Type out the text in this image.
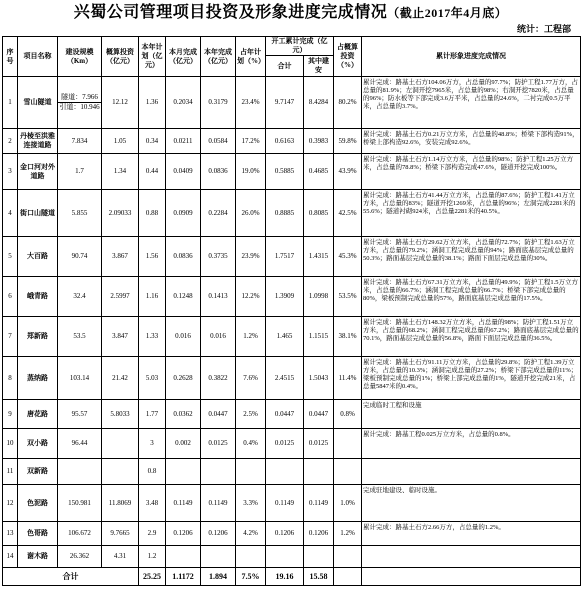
兴蜀公司管理项目投资及形象进度完成情况（截止2017年4月底）
统计：工程部
序号	项目名称	建设规模（Km）	概算投资（亿元）	本年计划（亿元）	本月完成（亿元）	本年完成（亿元）	占年计划（%）	开工累计完成（亿元）		占概算投资（%）	累计形象进度完成情况
								合计	其中建安		
1	雪山隧道	隧道：7.966
引道：10.946	12.12	1.36	0.2034	0.3179	23.4%	9.7147	8.4284	80.2%	累计完成：路基土石方104.06万方，占总量的97.7%；防护工程1.77万方，占总量的81.9%；左洞开挖7965米，占总量的98%；右洞开挖7820米，占总量的96%；防水板等下部完成3.6万平米，占总量的24.6%，二衬完成0.5万平米，占总量的3.7%。
2	丹棱至洪雅连接道路	7.834	1.05	0.34	0.0211	0.0584	17.2%	0.6163	0.3983	59.8%	累计完成：路基土石方0.21万立方米，占总量的48.8%；桥梁下部构造91%，桥梁上部构造92.6%，安装完成92.6%。
3	金口河对外道路	1.7	1.34	0.44	0.0409	0.0836	19.0%	0.5885	0.4685	43.9%	累计完成：路基土石方1.14万立方米，占总量的98%；防护工程1.25万立方米，占总量的78.8%；桥梁下部构造完成47.6%，隧道开挖完成100%。
4	街口山隧道	5.855	2.09033	0.88	0.0909	0.2284	26.0%	0.8885	0.8085	42.5%	累计完成：路基土石方41.44万立方米，占总量的87.6%；防护工程1.41万立方米，占总量的83%；隧道开挖1269米，占总量的96%；左洞完成2281米的55.6%；隧道衬砌924米，占总量2281米的40.5%。
5	大百路	90.74	3.867	1.56	0.0836	0.3735	23.9%	1.7517	1.4315	45.3%	累计完成：路基土石方29.62万立方米，占总量的72.7%；防护工程1.63万立方米，占总量的79.2%；涵洞工程完成总量的94%；路面底基层完成总量的50.3%；路面基层完成总量的38.1%；路面下面层完成总量的30%。
6	峨青路	32.4	2.5997	1.16	0.1248	0.1413	12.2%	1.3909	1.0998	53.5%	累计完成：路基土石方67.31万立方米，占总量的49.9%；防护工程1.5万立方米，占总量的66.7%；涵洞工程完成总量的66.7%；桥梁下部完成总量的80%，梁板预制完成总量的57%，路面底基层完成总量的17.5%。
7	郑新路	53.5	3.847	1.33	0.016	0.016	1.2%	1.465	1.1515	38.1%	累计完成：路基土石方148.32万立方米，占总量的98%；防护工程1.51万立方米，占总量的68.2%；涵洞工程完成总量的67.2%；路面底基层完成总量的70.1%，路面基层完成总量的56.8%，路面下面层完成总量的36.5%。
8	蒸纳路	103.14	21.42	5.03	0.2628	0.3822	7.6%	2.4515	1.5043	11.4%	累计完成：路基土石方91.11万立方米，占总量的29.8%；防护工程1.39万立方米，占总量的10.3%；涵洞完成总量的27.2%；桥梁下部完成总量的11%；梁板预制完成总量的1%；桥梁上部完成总量的1%，隧道开挖完成21米，占总量5847米的0.4%。
9	唐花路	95.57	5.8033	1.77	0.0362	0.0447	2.5%	0.0447	0.0447	0.8%	完成临时工程和设施
10	双小路	96.44		3	0.002	0.0125	0.4%	0.0125	0.0125		累计完成：路基工程0.025万立方米，占总量的0.8%。
11	双新路			0.8							
12	色泥路	150.981	11.8069	3.48	0.1149	0.1149	3.3%	0.1149	0.1149	1.0%	完成驻地建设、临时设施。
13	色哥路	106.672	9.7665	2.9	0.1206	0.1206	4.2%	0.1206	0.1206	1.2%	累计完成：路基土石方2.66万方，占总量的1.2%。
14	谢木路	26.362	4.31	1.2							
合计				25.25	1.1172	1.894	7.5%	19.16	15.58		
